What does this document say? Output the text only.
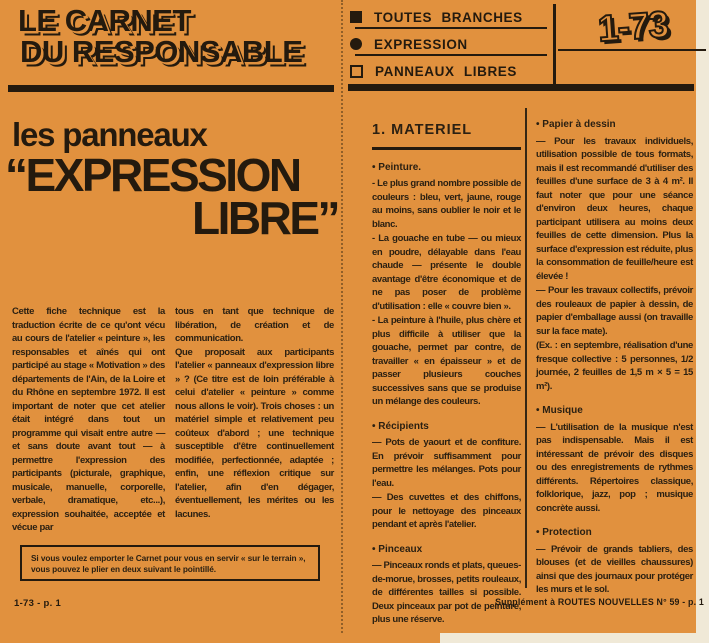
LE CARNET
DU RESPONSABLE
TOUTES BRANCHES
EXPRESSION
PANNEAUX LIBRES
1-73
les panneaux
“EXPRESSION
LIBRE”

Cette fiche technique est la traduction écrite de ce qu'ont vécu au cours de l'atelier « peinture », les responsables et aînés qui ont participé au stage « Motivation » des départements de l'Ain, de la Loire et du Rhône en septembre 1972. Il est important de noter que cet atelier était intégré dans tout un programme qui visait entre autre — et sans doute avant tout — à permettre l'expression des participants (picturale, graphique, musicale, manuelle, corporelle, verbale, dramatique, etc...), expression souhaitée, acceptée et vécue par

tous en tant que technique de libération, de création et de communication.

Que proposait aux participants l'atelier « panneaux d'expression libre » ? (Ce titre est de loin préférable à celui d'atelier « peinture » comme nous allons le voir). Trois choses : un matériel simple et relativement peu coûteux d'abord ; une technique susceptible d'être continuellement modifiée, perfectionnée, adaptée ; enfin, une réflexion critique sur l'atelier, afin d'en dégager, éventuellement, les mérites ou les lacunes.

Si vous voulez emporter le Carnet pour vous en servir « sur le terrain », vous pouvez le plier en deux suivant le pointillé.
1. MATERIEL
• Peinture.

- Le plus grand nombre possible de couleurs : bleu, vert, jaune, rouge au moins, sans oublier le noir et le blanc.

- La gouache en tube — ou mieux en poudre, délayable dans l'eau chaude — présente le double avantage d'être économique et de ne pas poser de problème d'utilisation : elle « couvre bien ».

- La peinture à l'huile, plus chère et plus difficile à utiliser que la gouache, permet par contre, de travailler « en épaisseur » et de passer plusieurs couches successives sans que se produise un mélange des couleurs.

• Récipients

— Pots de yaourt et de confiture. En prévoir suffisamment pour permettre les mélanges. Pots pour l'eau.

— Des cuvettes et des chiffons, pour le nettoyage des pinceaux pendant et après l'atelier.

• Pinceaux

— Pinceaux ronds et plats, queues-de-morue, brosses, petits rouleaux, de différentes tailles si possible. Deux pinceaux par pot de peinture, plus une réserve.

• Papier à dessin

— Pour les travaux individuels, utilisation possible de tous formats, mais il est recommandé d'utiliser des feuilles d'une surface de 3 à 4 m². Il faut noter que pour une séance d'environ deux heures, chaque participant utilisera au moins deux feuilles de cette dimension. Plus la surface d'expression est réduite, plus la consommation de feuille/heure est élevée !

— Pour les travaux collectifs, prévoir des rouleaux de papier à dessin, de papier d'emballage aussi (on travaille sur la face mate).

(Ex. : en septembre, réalisation d'une fresque collective : 5 personnes, 1/2 journée, 2 feuilles de 1,5 m × 5 = 15 m²).

• Musique

— L'utilisation de la musique n'est pas indispensable. Mais il est intéressant de prévoir des disques ou des enregistrements de rythmes différents. Répertoires classique, folklorique, jazz, pop ; musique concrète aussi.

• Protection

— Prévoir de grands tabliers, des blouses (et de vieilles chaussures) ainsi que des journaux pour protéger les murs et le sol.

1-73 - p. 1	Supplément à ROUTES NOUVELLES N° 59 - p. 1
